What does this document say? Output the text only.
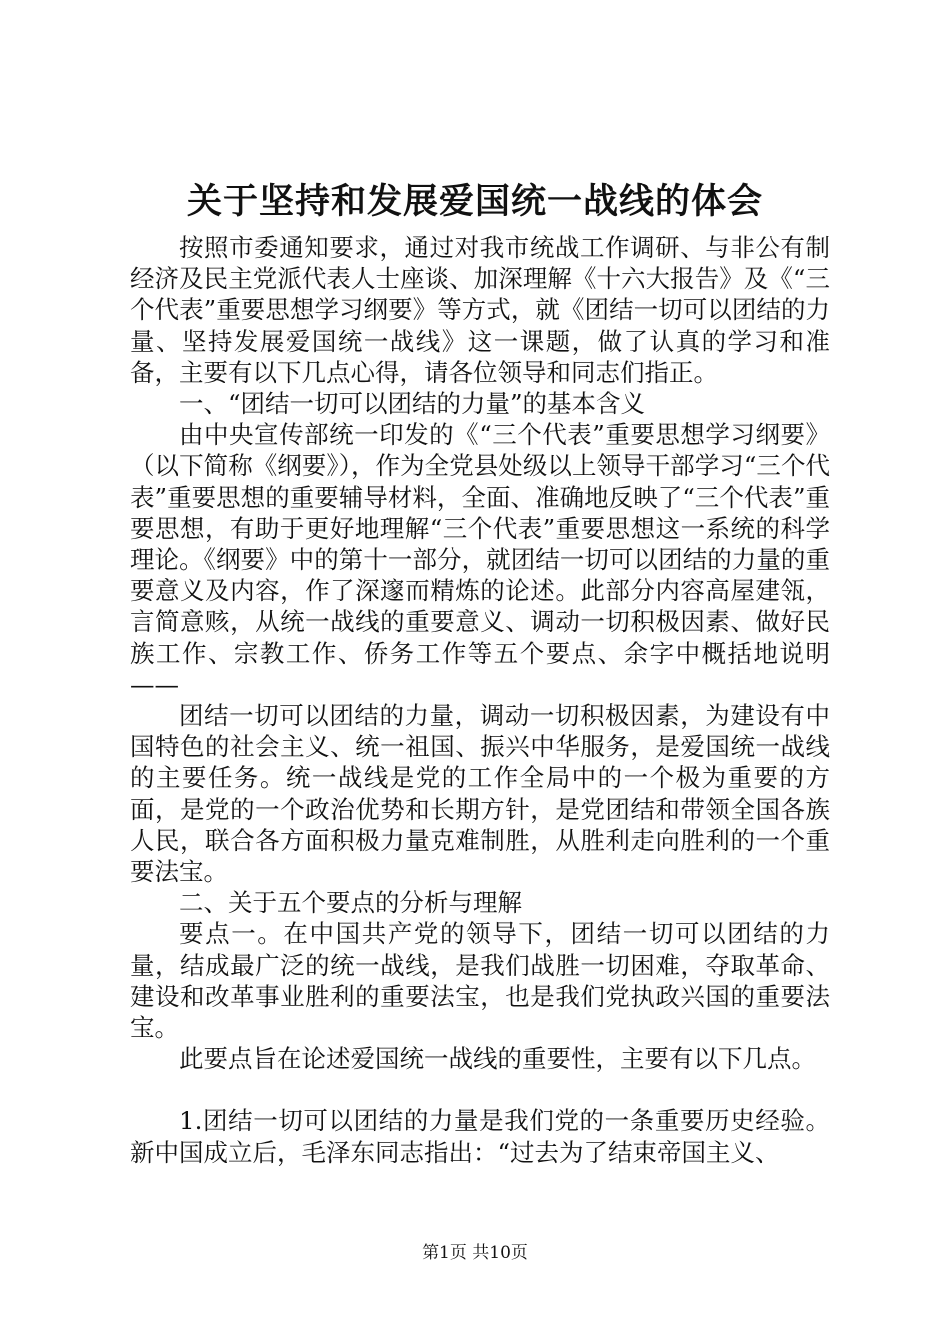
关于坚持和发展爱国统一战线的体会

按照市委通知要求，通过对我市统战工作调研、与非公有制经济及民主党派代表人士座谈、加深理解《十六大报告》及《“三个代表”重要思想学习纲要》等方式，就《团结一切可以团结的力量、坚持发展爱国统一战线》这一课题，做了认真的学习和准备，主要有以下几点心得，请各位领导和同志们指正。

一、“团结一切可以团结的力量”的基本含义

由中央宣传部统一印发的《“三个代表”重要思想学习纲要》（以下简称《纲要》），作为全党县处级以上领导干部学习“三个代表”重要思想的重要辅导材料，全面、准确地反映了“三个代表”重要思想，有助于更好地理解“三个代表”重要思想这一系统的科学理论。《纲要》中的第十一部分，就团结一切可以团结的力量的重要意义及内容，作了深邃而精炼的论述。此部分内容高屋建瓴，言简意赅，从统一战线的重要意义、调动一切积极因素、做好民族工作、宗教工作、侨务工作等五个要点、余字中概括地说明——

团结一切可以团结的力量，调动一切积极因素，为建设有中国特色的社会主义、统一祖国、振兴中华服务，是爱国统一战线的主要任务。统一战线是党的工作全局中的一个极为重要的方面，是党的一个政治优势和长期方针，是党团结和带领全国各族人民，联合各方面积极力量克难制胜，从胜利走向胜利的一个重要法宝。

二、关于五个要点的分析与理解

要点一。在中国共产党的领导下，团结一切可以团结的力量，结成最广泛的统一战线，是我们战胜一切困难，夺取革命、建设和改革事业胜利的重要法宝，也是我们党执政兴国的重要法宝。

此要点旨在论述爱国统一战线的重要性，主要有以下几点。

1.团结一切可以团结的力量是我们党的一条重要历史经验。新中国成立后，毛泽东同志指出：“过去为了结束帝国主义、

第1页 共10页
